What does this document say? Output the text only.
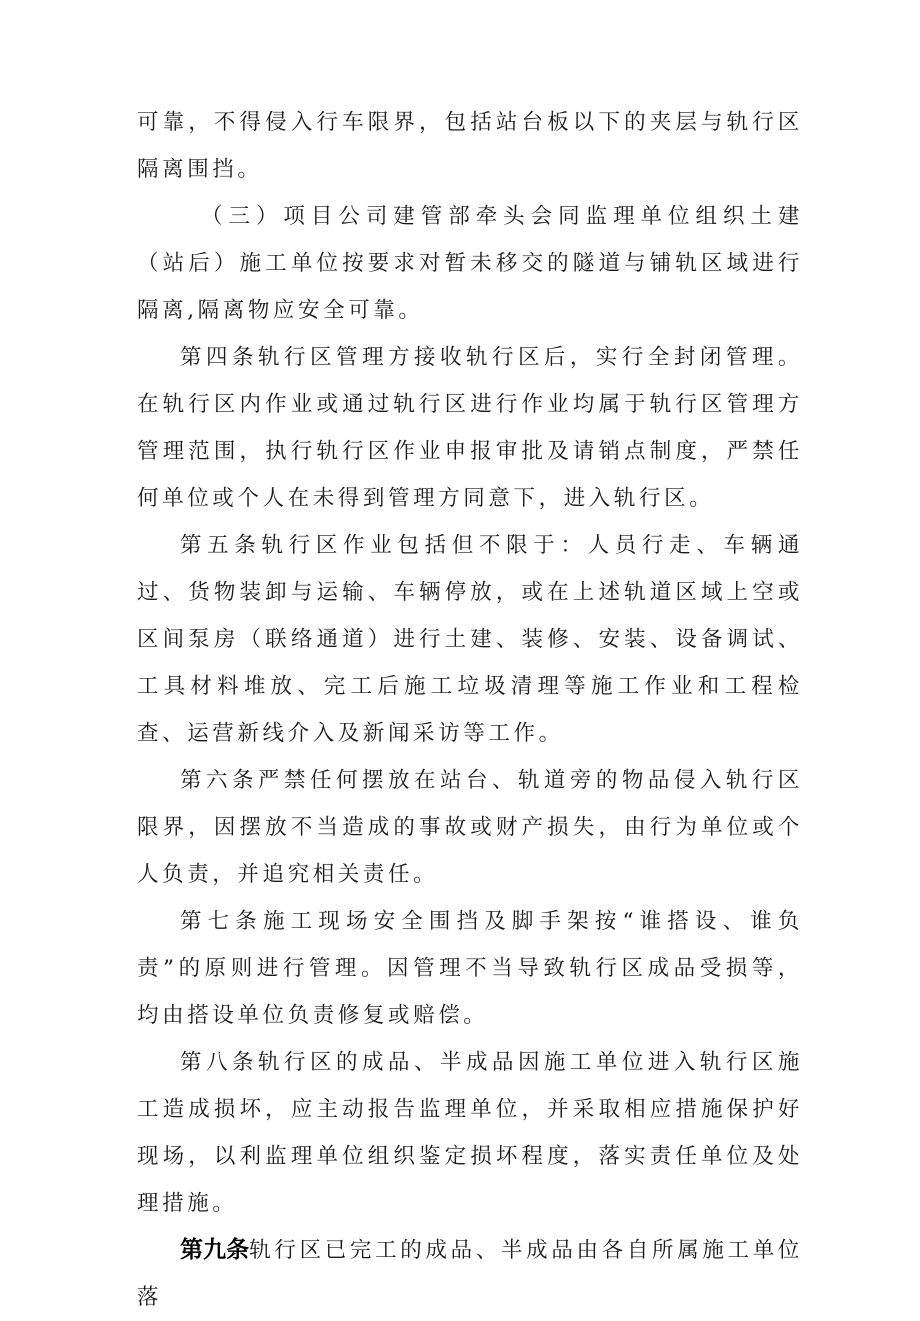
可靠，不得侵入行车限界，包括站台板以下的夹层与轨行区隔离围挡。

（三）项目公司建管部牵头会同监理单位组织土建（站后）施工单位按要求对暂未移交的隧道与铺轨区域进行隔离,隔离物应安全可靠。

第四条轨行区管理方接收轨行区后，实行全封闭管理。在轨行区内作业或通过轨行区进行作业均属于轨行区管理方管理范围，执行轨行区作业申报审批及请销点制度，严禁任何单位或个人在未得到管理方同意下，进入轨行区。

第五条轨行区作业包括但不限于：人员行走、车辆通过、货物装卸与运输、车辆停放，或在上述轨道区域上空或区间泵房（联络通道）进行土建、装修、安装、设备调试、工具材料堆放、完工后施工垃圾清理等施工作业和工程检查、运营新线介入及新闻采访等工作。

第六条严禁任何摆放在站台、轨道旁的物品侵入轨行区限界，因摆放不当造成的事故或财产损失，由行为单位或个人负责，并追究相关责任。

第七条施工现场安全围挡及脚手架按“谁搭设、谁负责”的原则进行管理。因管理不当导致轨行区成品受损等，均由搭设单位负责修复或赔偿。

第八条轨行区的成品、半成品因施工单位进入轨行区施工造成损坏，应主动报告监理单位，并采取相应措施保护好现场，以利监理单位组织鉴定损坏程度，落实责任单位及处理措施。

第九条轨行区已完工的成品、半成品由各自所属施工单位落
